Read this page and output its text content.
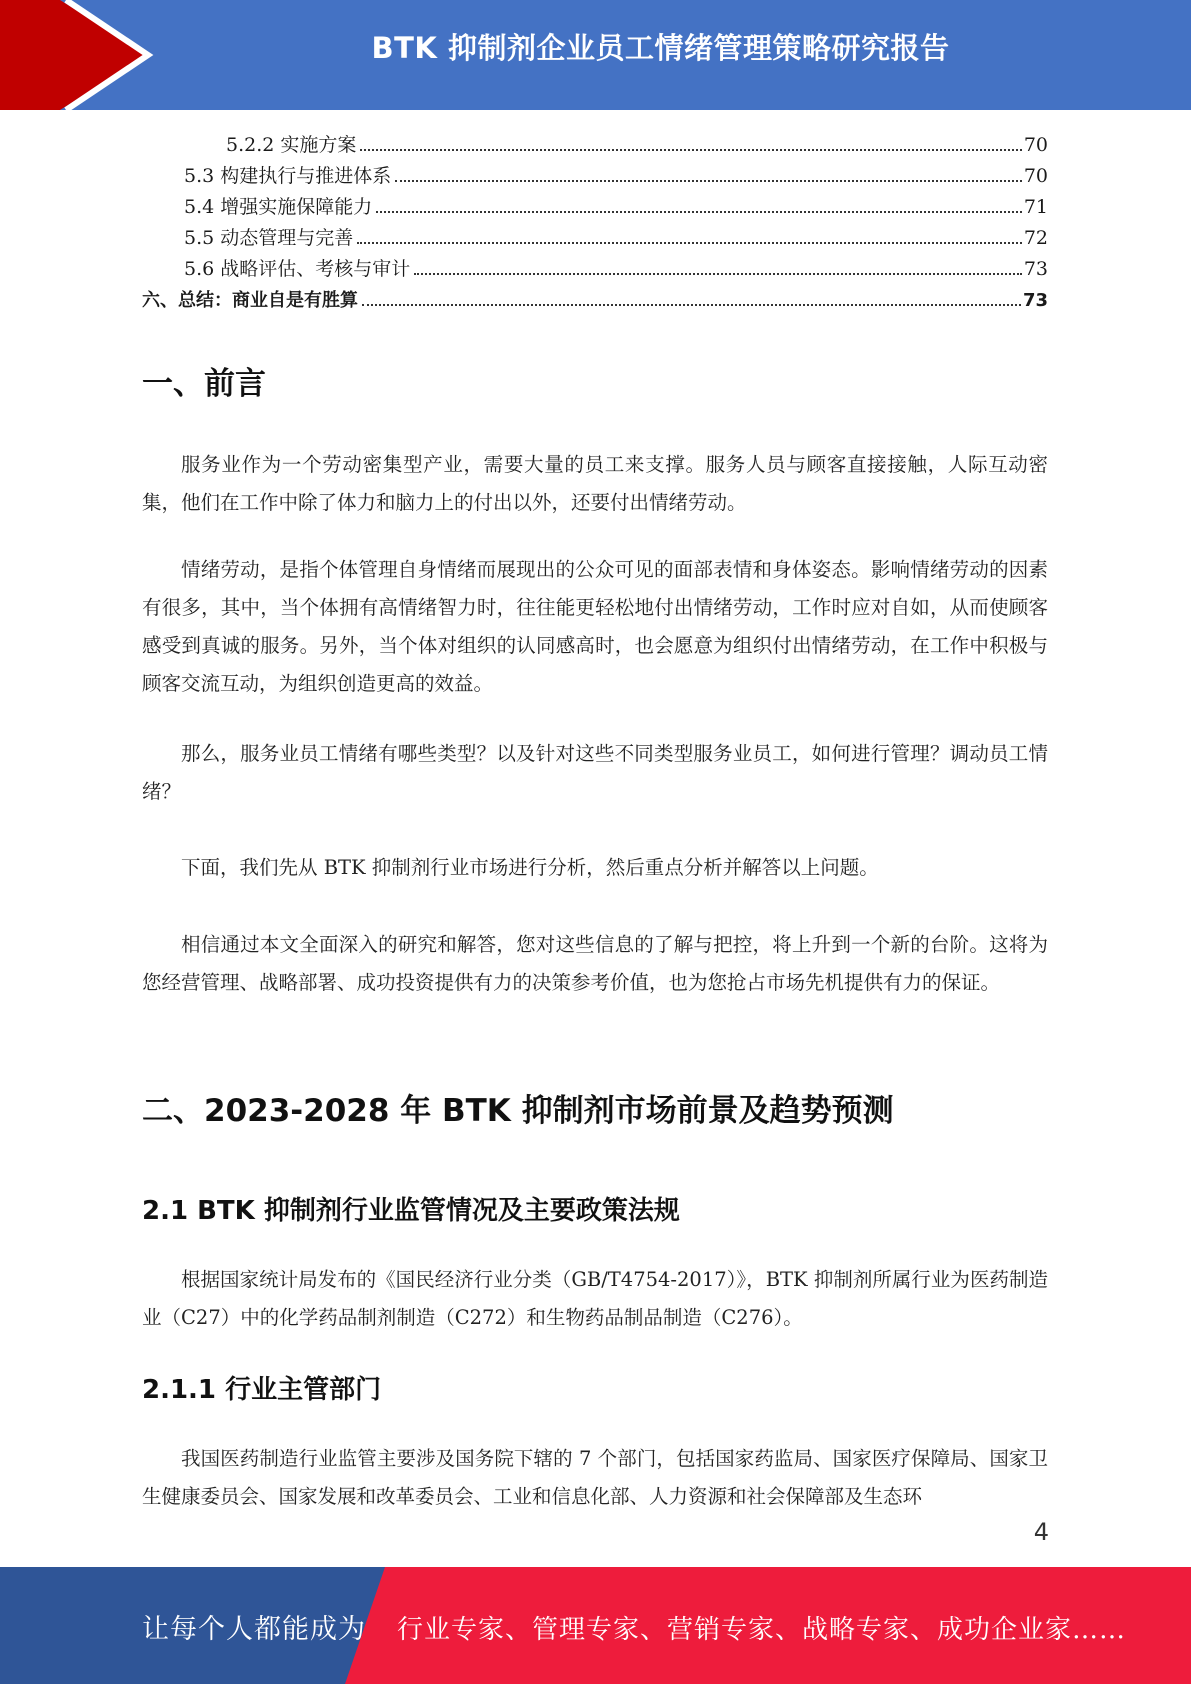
BTK 抑制剂企业员工情绪管理策略研究报告
5.2.2 实施方案	70
5.3 构建执行与推进体系	70
5.4 增强实施保障能力	71
5.5 动态管理与完善	72
5.6 战略评估、考核与审计	73
六、总结：商业自是有胜算	73
一、前言

服务业作为一个劳动密集型产业，需要大量的员工来支撑。服务人员与顾客直接接触，人际互动密集，他们在工作中除了体力和脑力上的付出以外，还要付出情绪劳动。

情绪劳动，是指个体管理自身情绪而展现出的公众可见的面部表情和身体姿态。影响情绪劳动的因素有很多，其中，当个体拥有高情绪智力时，往往能更轻松地付出情绪劳动，工作时应对自如，从而使顾客感受到真诚的服务。另外，当个体对组织的认同感高时，也会愿意为组织付出情绪劳动，在工作中积极与顾客交流互动，为组织创造更高的效益。

那么，服务业员工情绪有哪些类型？以及针对这些不同类型服务业员工，如何进行管理？调动员工情绪？

下面，我们先从 BTK 抑制剂行业市场进行分析，然后重点分析并解答以上问题。

相信通过本文全面深入的研究和解答，您对这些信息的了解与把控，将上升到一个新的台阶。这将为您经营管理、战略部署、成功投资提供有力的决策参考价值，也为您抢占市场先机提供有力的保证。

二、2023-2028 年 BTK 抑制剂市场前景及趋势预测
2.1 BTK 抑制剂行业监管情况及主要政策法规

根据国家统计局发布的《国民经济行业分类（GB/T4754-2017）》，BTK 抑制剂所属行业为医药制造业（C27）中的化学药品制剂制造（C272）和生物药品制品制造（C276）。

2.1.1 行业主管部门

我国医药制造行业监管主要涉及国务院下辖的 7 个部门，包括国家药监局、国家医疗保障局、国家卫生健康委员会、国家发展和改革委员会、工业和信息化部、人力资源和社会保障部及生态环

4
让每个人都能成为 行业专家、管理专家、营销专家、战略专家、成功企业家……
